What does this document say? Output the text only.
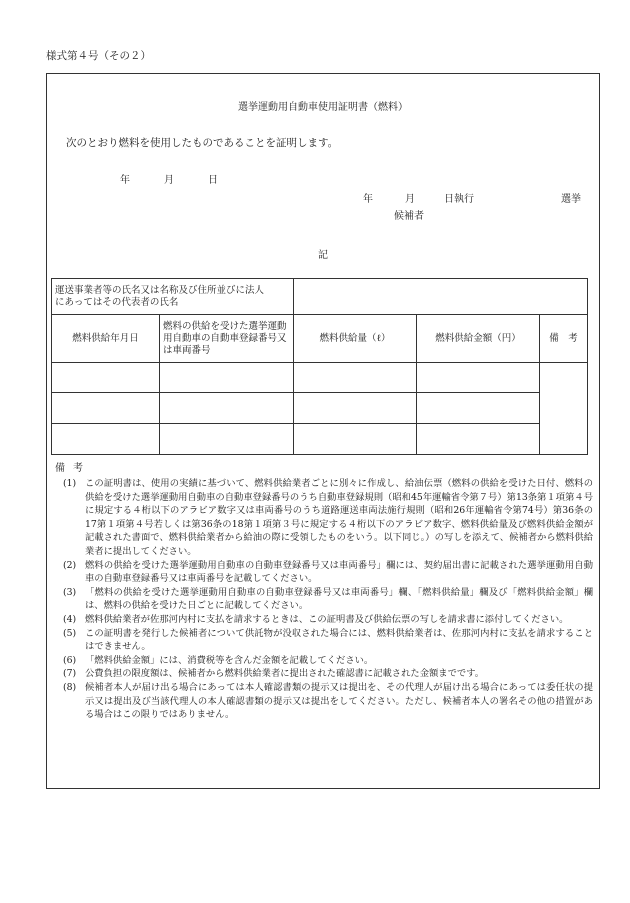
様式第４号（その２）
選挙運動用自動車使用証明書（燃料）
次のとおり燃料を使用したものであることを証明します。
年	月	日
年	月	日執行	選挙
候補者
記
運送事業者等の氏名又は名称及び住所並びに法人にあってはその代表者の氏名				
燃料供給年月日	燃料の供給を受けた選挙運動用自動車の自動車登録番号又は車両番号	燃料供給量（ℓ）	燃料供給金額（円）	備　考

備考
(1) この証明書は、使用の実績に基づいて、燃料供給業者ごとに別々に作成し、給油伝票（燃料の供給を受けた日付、燃料の供給を受けた選挙運動用自動車の自動車登録番号のうち自動車登録規則（昭和45年運輸省令第７号）第13条第１項第４号に規定する４桁以下のアラビア数字又は車両番号のうち道路運送車両法施行規則（昭和26年運輸省令第74号）第36条の17第１項第４号若しくは第36条の18第１項第３号に規定する４桁以下のアラビア数字、燃料供給量及び燃料供給金額が記載された書面で、燃料供給業者から給油の際に受領したものをいう。以下同じ。）の写しを添えて、候補者から燃料供給業者に提出してください。
(2) 燃料の供給を受けた選挙運動用自動車の自動車登録番号又は車両番号」欄には、契約届出書に記載された選挙運動用自動車の自動車登録番号又は車両番号を記載してください。
(3) 「燃料の供給を受けた選挙運動用自動車の自動車登録番号又は車両番号」欄、「燃料供給量」欄及び「燃料供給金額」欄は、燃料の供給を受けた日ごとに記載してください。
(4) 燃料供給業者が佐那河内村に支払を請求するときは、この証明書及び供給伝票の写しを請求書に添付してください。
(5) この証明書を発行した候補者について供託物が没収された場合には、燃料供給業者は、佐那河内村に支払を請求することはできません。
(6) 「燃料供給金額」には、消費税等を含んだ金額を記載してください。
(7) 公費負担の限度額は、候補者から燃料供給業者に提出された確認書に記載された金額までです。
(8) 候補者本人が届け出る場合にあっては本人確認書類の提示又は提出を、その代理人が届け出る場合にあっては委任状の提示又は提出及び当該代理人の本人確認書類の提示又は提出をしてください。ただし、候補者本人の署名その他の措置がある場合はこの限りではありません。
